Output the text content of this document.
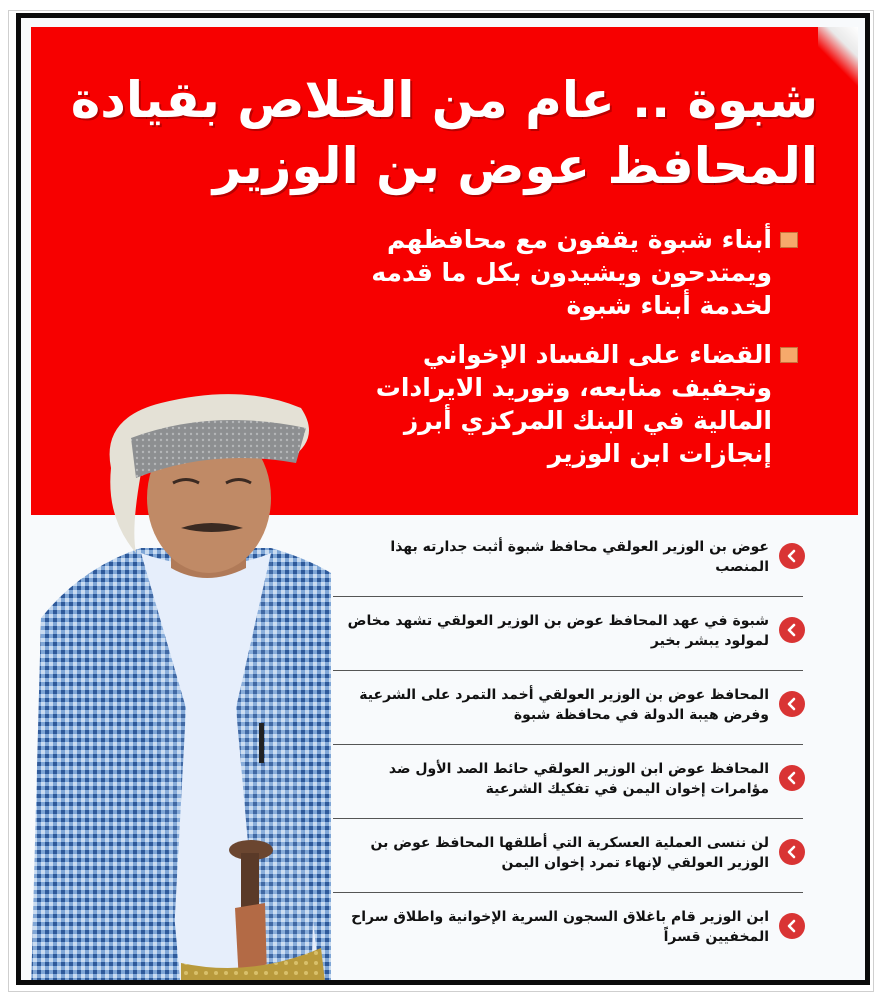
شبوة .. عام من الخلاص بقيادة
المحافظ عوض بن الوزير
أبناء شبوة يقفون مع محافظهم ويمتدحون ويشيدون بكل ما قدمه لخدمة أبناء شبوة
القضاء على الفساد الإخواني وتجفيف منابعه، وتوريد الايرادات المالية في البنك المركزي أبرز إنجازات ابن الوزير
عوض بن الوزير العولقي محافظ شبوة أثبت جدارته بهذا المنصب
شبوة في عهد المحافظ عوض بن الوزير العولقي تشهد مخاض لمولود يبشر بخير
المحافظ عوض بن الوزير العولقي أخمد التمرد على الشرعية وفرض هيبة الدولة في محافظة شبوة
المحافظ عوض ابن الوزير العولقي حائط الصد الأول ضد مؤامرات إخوان اليمن في تفكيك الشرعية
لن ننسى العملية العسكرية التي أطلقها المحافظ عوض بن الوزير العولقي لإنهاء تمرد إخوان اليمن
ابن الوزير قام باغلاق السجون السرية الإخوانية واطلاق سراح المخفيين قسراً
